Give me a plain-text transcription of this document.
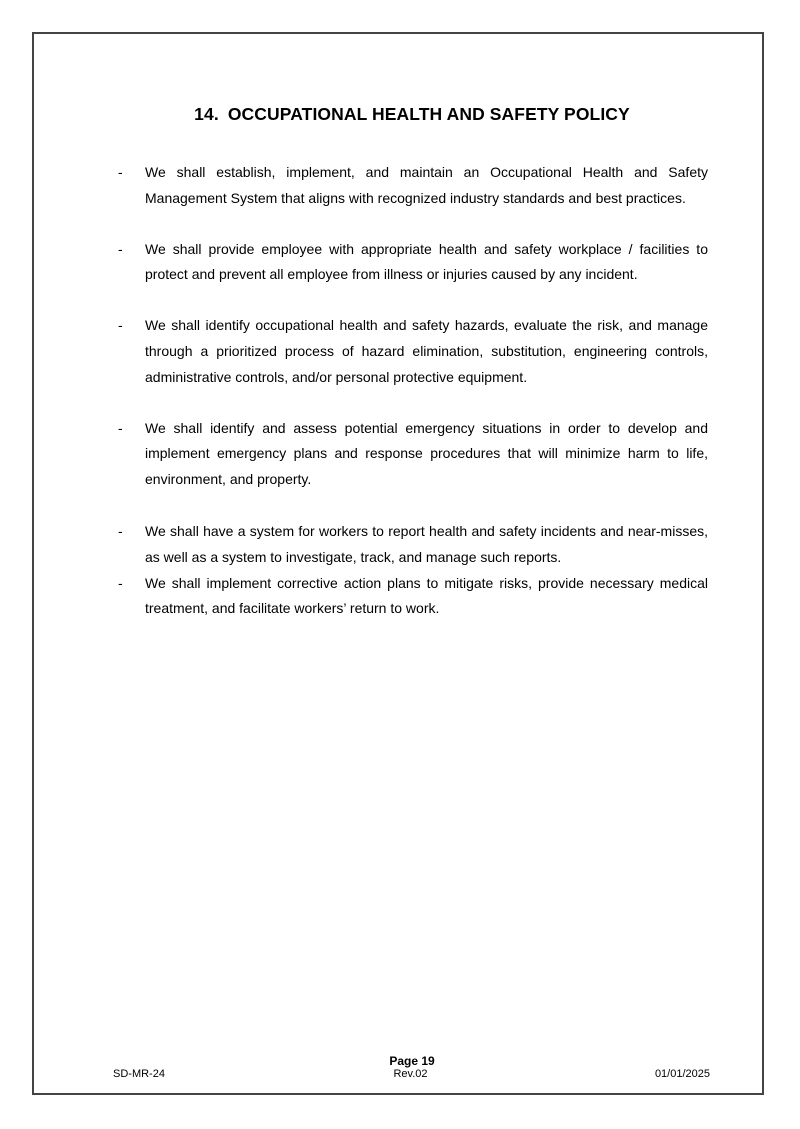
14. OCCUPATIONAL HEALTH AND SAFETY POLICY
- We shall establish, implement, and maintain an Occupational Health and Safety Management System that aligns with recognized industry standards and best practices.
- We shall provide employee with appropriate health and safety workplace / facilities to protect and prevent all employee from illness or injuries caused by any incident.
- We shall identify occupational health and safety hazards, evaluate the risk, and manage through a prioritized process of hazard elimination, substitution, engineering controls, administrative controls, and/or personal protective equipment.
- We shall identify and assess potential emergency situations in order to develop and implement emergency plans and response procedures that will minimize harm to life, environment, and property.
- We shall have a system for workers to report health and safety incidents and near-misses, as well as a system to investigate, track, and manage such reports.
- We shall implement corrective action plans to mitigate risks, provide necessary medical treatment, and facilitate workers’ return to work.
Page 19
SD-MR-24	Rev.02	01/01/2025
